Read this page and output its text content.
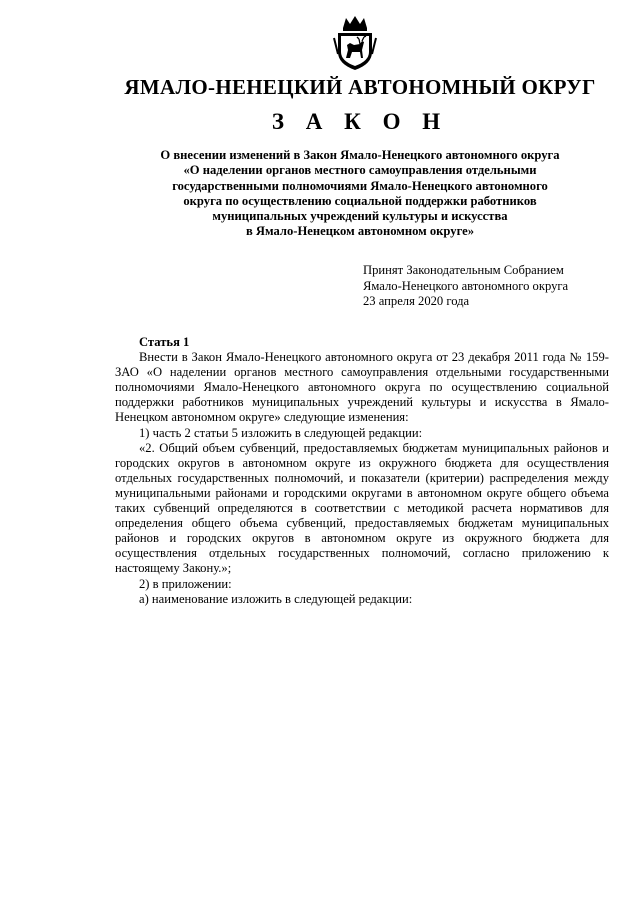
ЯМАЛО-НЕНЕЦКИЙ АВТОНОМНЫЙ ОКРУГ
З А К О Н
О внесении изменений в Закон Ямало-Ненецкого автономного округа
«О наделении органов местного самоуправления отдельными
государственными полномочиями Ямало-Ненецкого автономного
округа по осуществлению социальной поддержки работников
муниципальных учреждений культуры и искусства
в Ямало-Ненецком автономном округе»
Принят Законодательным Собранием
Ямало-Ненецкого автономного округа
23 апреля 2020 года

Статья 1

Внести в Закон Ямало-Ненецкого автономного округа от 23 декабря 2011 года № 159-ЗАО «О наделении органов местного самоуправления отдельными государственными полномочиями Ямало-Ненецкого автономного округа по осуществлению социальной поддержки работников муниципальных учреждений культуры и искусства в Ямало-Ненецком автономном округе» следующие изменения:

1) часть 2 статьи 5 изложить в следующей редакции:

«2. Общий объем субвенций, предоставляемых бюджетам муниципальных районов и городских округов в автономном округе из окружного бюджета для осуществления отдельных государственных полномочий, и показатели (критерии) распределения между муниципальными районами и городскими округами в автономном округе общего объема таких субвенций определяются в соответствии с методикой расчета нормативов для определения общего объема субвенций, предоставляемых бюджетам муниципальных районов и городских округов в автономном округе из окружного бюджета для осуществления отдельных государственных полномочий, согласно приложению к настоящему Закону.»;

2) в приложении:

а) наименование изложить в следующей редакции:
